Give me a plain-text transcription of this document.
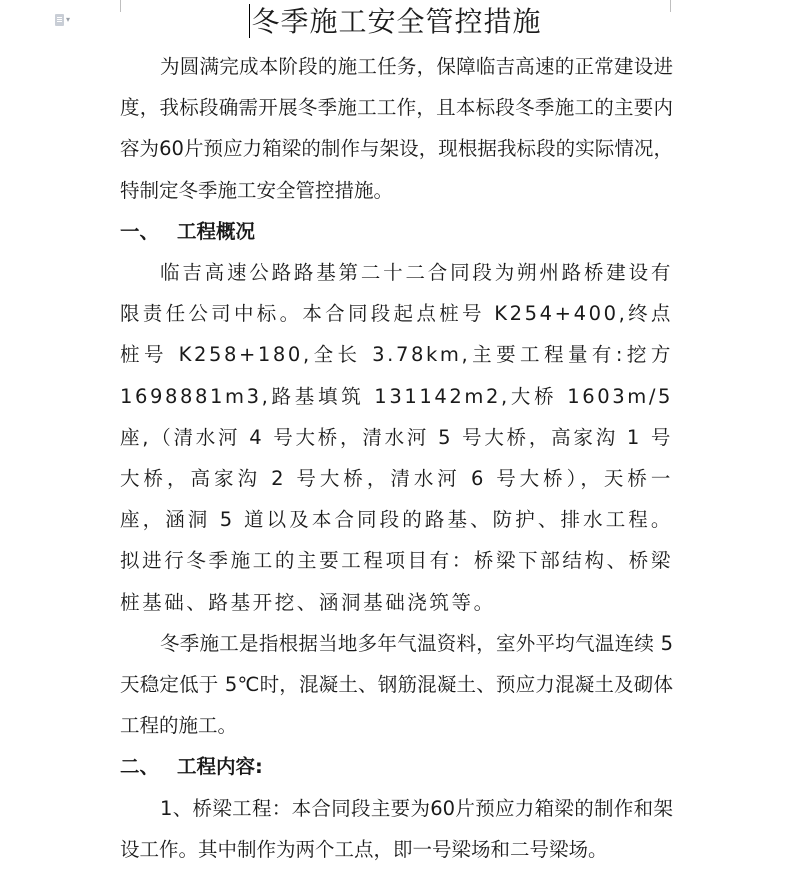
▾	冬季施工安全管控措施

为圆满完成本阶段的施工任务，保障临吉高速的正常建设进度，我标段确需开展冬季施工工作，且本标段冬季施工的主要内容为60片预应力箱梁的制作与架设，现根据我标段的实际情况，特制定冬季施工安全管控措施。

一、 工程概况

临吉高速公路路基第二十二合同段为朔州路桥建设有限责任公司中标。本合同段起点桩号 K254+400,终点桩号 K258+180,全长 3.78km,主要工程量有:挖方1698881m3,路基填筑 131142m2,大桥 1603m/5 座,（清水河 4 号大桥，清水河 5 号大桥，高家沟 1 号大桥，高家沟 2 号大桥，清水河 6 号大桥），天桥一座，涵洞 5 道以及本合同段的路基、防护、排水工程。拟进行冬季施工的主要工程项目有：桥梁下部结构、桥梁桩基础、路基开挖、涵洞基础浇筑等。

冬季施工是指根据当地多年气温资料，室外平均气温连续 5 天稳定低于 5℃时，混凝土、钢筋混凝土、预应力混凝土及砌体工程的施工。

二、 工程内容:

1、桥梁工程：本合同段主要为60片预应力箱梁的制作和架设工作。其中制作为两个工点，即一号梁场和二号梁场。
